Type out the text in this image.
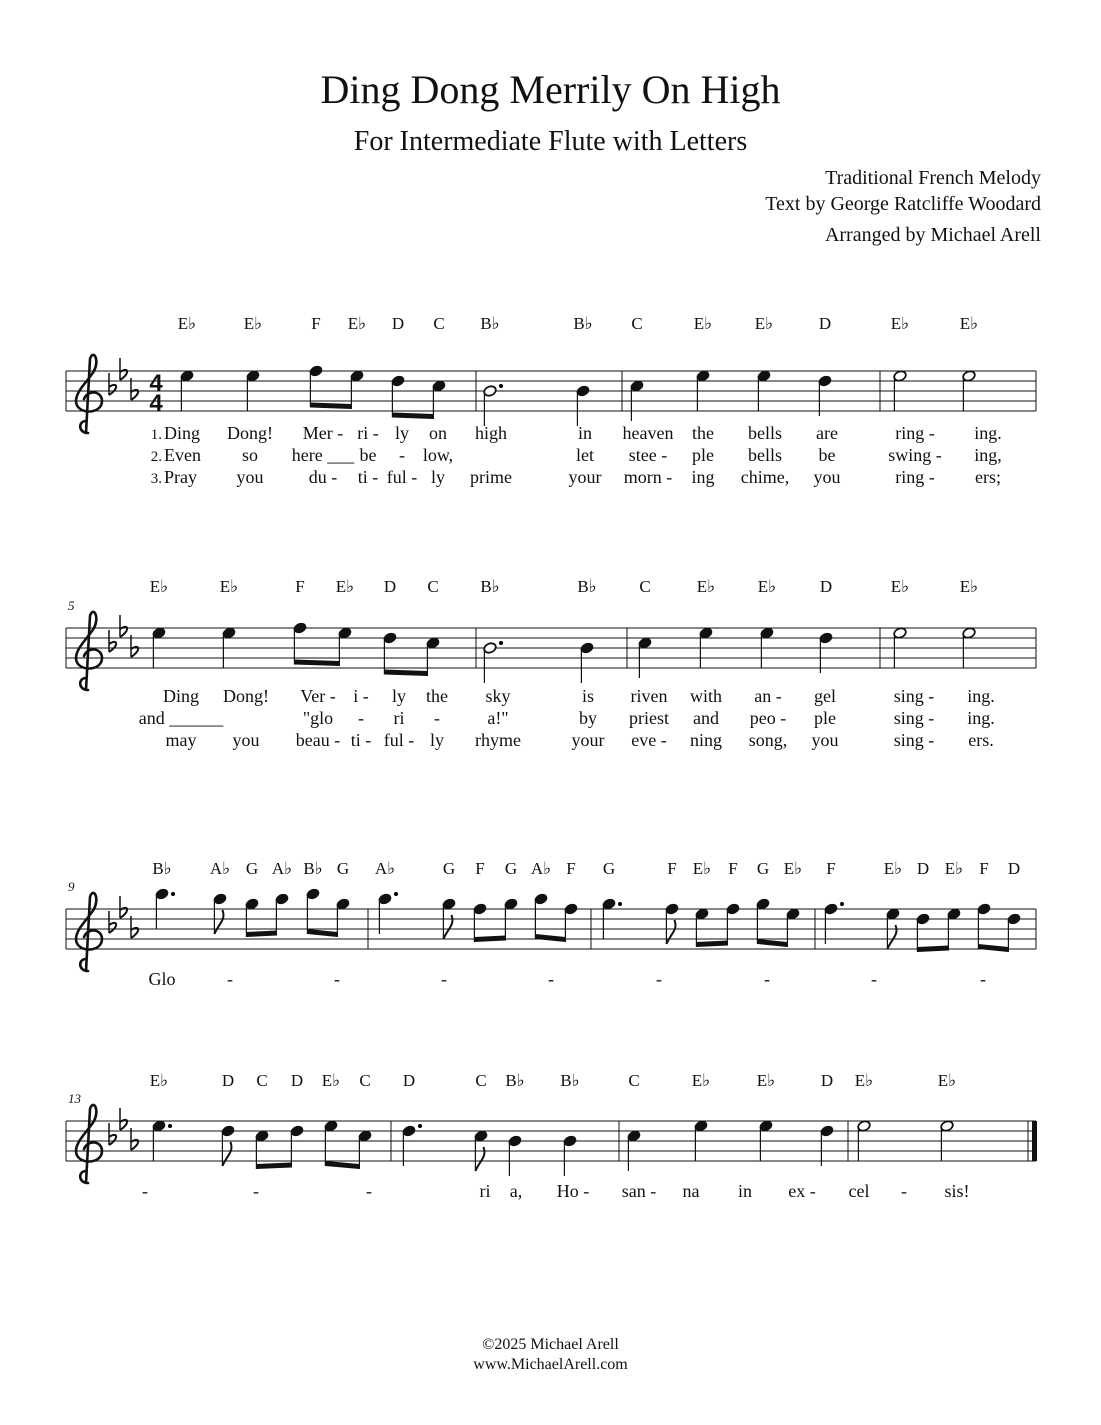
Ding Dong Merrily On High
For Intermediate Flute with Letters
Traditional French Melody
Text by George Ratcliffe Woodard
Arranged by Michael Arell
4
4
E♭	E♭	F E♭ D C B♭	B♭ C	E♭	E♭	D	E♭	E♭
1. Ding Dong! Mer - ri - ly on high	in heaven the bells are	ring - ing.
2. Even so here ___ be - low,	let stee - ple bells be	swing - ing,
3. Pray you	du - ti - ful - ly prime	your morn - ing chime, you	ring - ers;
5
E♭	E♭	F E♭ D C B♭	B♭	C	E♭	E♭	D	E♭	E♭
Ding Dong! Ver - i - ly the sky	is riven with an - gel	sing - ing.
and ______	"glo - ri -	a!"	by priest and peo - ple	sing - ing.
may you beau - ti - ful - ly rhyme	your eve - ning song, you	sing - ers.
9
B♭ A♭ G A♭ B♭ G A♭	G F G A♭ F G	F E♭ F G E♭ F	E♭ D E♭ F D
Glo	-	-	-	-	-	-	-	-
13
E♭	D C D E♭ C D	C B♭ B♭	C	E♭	E♭	D E♭	E♭
-	-	-	ri a, Ho - san - na in ex - cel - sis!
©2025 Michael Arell
www.MichaelArell.com
